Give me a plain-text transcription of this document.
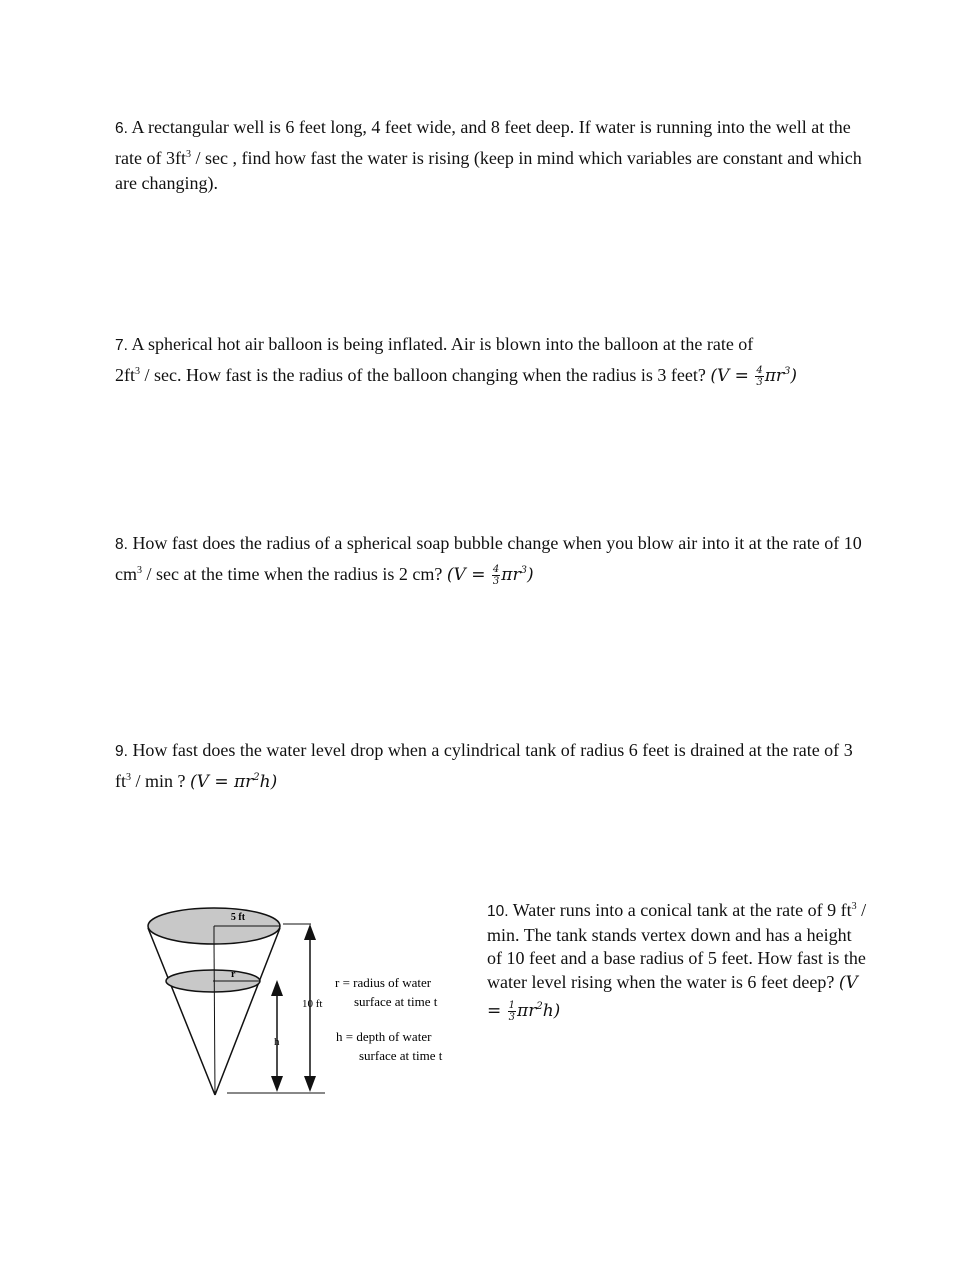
6. A rectangular well is 6 feet long, 4 feet wide, and 8 feet deep. If water is running into the well at the rate of $3ft^3$ / sec , find how fast the water is rising (keep in mind which variables are constant and which are changing).
7. A spherical hot air balloon is being inflated. Air is blown into the balloon at the rate of
$2ft^3$ / sec. How fast is the radius of the balloon changing when the radius is 3 feet? $(V = \frac{4}{3} \pi r^3)$
8. How fast does the radius of a spherical soap bubble change when you blow air into it at the rate of 10 $cm^3$ / sec at the time when the radius is 2 cm? $(V = \frac{4}{3} \pi r^3)$
9. How fast does the water level drop when a cylindrical tank of radius 6 feet is drained at the rate of 3 $ft^3$ / min ? $(V = \pi r^2h)$
5 ft
r
10 ft
h
r = radius of water
surface at time t
h = depth of water
surface at time t
10. Water runs into a conical tank at the rate of 9 $ft^3$ / min. The tank stands vertex down and has a height of 10 feet and a base radius of 5 feet. How fast is the water level rising when the water is 6 feet deep? $(V = \frac{1}{3} \pi r^2h)$
